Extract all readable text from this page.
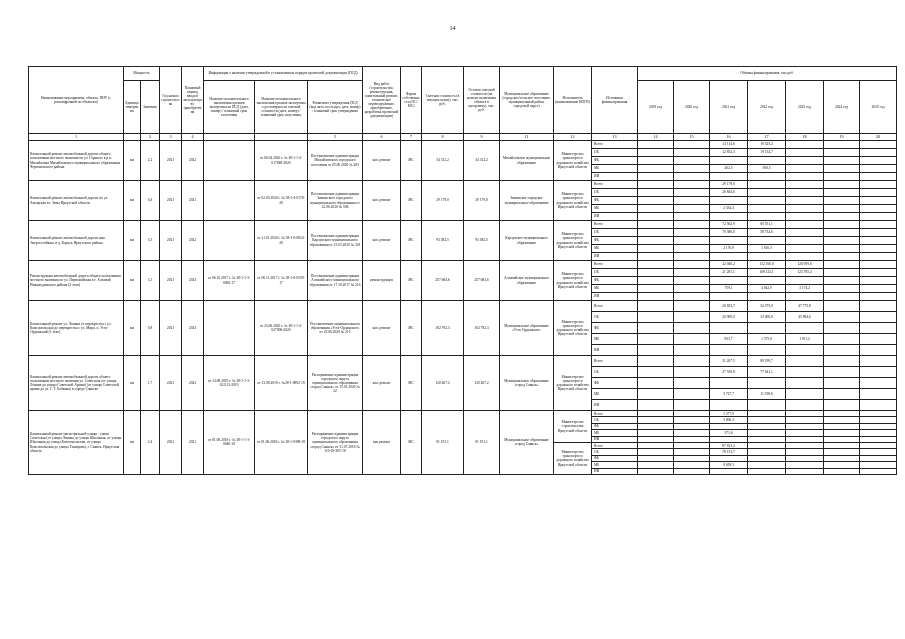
14
Наименование мероприятия, объекта, ПНУ (с расшифровкой по объектам)	Мощность		Год начала строительства	Плановый период ввода в эксплуатацию/приобретения	Информация о наличии утвержденной в установленном порядке проектной документации (ПСД)			Вид работ (строительство, реконструкция, капитальный ремонт, техническое перевооружение, приобретение, разработка проектной документации)	Форма собственности (ОС/МС)	Сметная стоимость (в текущих ценах), тыс. руб.	Остаток сметной стоимости (на момент включения объекта в программу), тыс. руб.	Муниципальное образование (городское/сельское поселение, муниципальный район, городской округ)	Исполнитель (наименование ИОГВ)	Источники финансирования	Объемы финансирования, тыс.руб.						
	Единица измерения	Значение			Наличие положительного заключения органов экспертизы на ПСД (дата, номер) / плановый срок получения	Наличие положительного заключения органов экспертизы о достоверности сметной стоимости (дата, номер) / плановый срок получения	Реквизиты утверждения ПСД (вид акта, кто издал, дата, номер) / плановый срок утверждения								2019 год	2020 год	2021 год	2022 год	2023 год	2024 год	2025 год

1		2	3	4			5	6	7	8	9	11	12	13	14	15	16	17	18	19	20
Капитальный ремонт автомобильной дороги общего пользования местного значения по ул. Горького в р.п. Михайловка Михайловского муниципального образования Черемховского района	км	2,2	2021	2022		от 06.04.2020 г. № 38-1-1-2-017048-2020	Постановление администрации Михайловского городского поселения от 05.06.2020 № 283	кап. ремонт	МС	34 312,2	34 312,2	Михайловское муниципальное образование	Министерство транспорта и дорожного хозяйства Иркутской области	Всего			13 114,6	19 525,2			
														ОБ			12 852,3	19 134,7			
														ФБ							
														МБ			262,3	390,5			
														ИИ							
Капитальный ремонт автомобильной дороги по ул. Ангарская в г. Зима Иркутской области	км	0,4	2021	2021		от 02.03.2020 г. № 38-1-4-0178-20	Постановление администрации Зиминского городского муниципального образования от 22.06.2020 № 506	кап. ремонт	МС	29 179,0	29 179,0	Зиминское городское муниципальное образование	Министерство транспорта и дорожного хозяйства Иркутской области	Всего			29 179,0				
														ОБ			26 844,6				
														ФБ							
														МБ			2 334,4				
														ИИ							
Капитальный ремонт автомобильной дороги ния Энергостойкая» в д. Карлук Иркутского района	км	3,3	2021	2022		от 21.01.2020 г. № 38-1-6-0024-20	Постановление администрации Карлукского муниципального образования от 15.03.2020 № 301	кап. ремонт	МС	93 382,5	93 382,5	Карлукское муниципальное образование	Министерство транспорта и дорожного хозяйства Иркутской области	Всего			72 562,9	60 551,1			
														ОБ			70 386,0	58 734,6			
														ФБ							
														МБ			2 176,9	1 816,5			
														ИИ							
Реконструкция автомобильной дороги общего пользования местного значения по ул. Первомайская в г. Алзамай Нижнеудинского района (2 этап)	км	3,1	2021	2023	от 06.10.2017 г. № 38-1-1-3-0082-17	от 06.11.2017 г. № 38-1-6-0359-17	Постановление администрации Алзамайского муниципального образования от 17.10.2017 № 216	реконструкция	МС	257 684,6	257 684,6	Алзамайское муниципальное образование	Министерство транспорта и дорожного хозяйства Иркутской области	Всего			22 040,2	112 160,0	126 959,6		
														ОБ			21 281,1	108 123,1	123 785,4		
														ФБ							
														МБ			759,1	4 042,9	3 174,2		
														ИИ							
Капитальный ремонт ул. Ленина от перекрестка с ул. Комсомольская до перекрестка с ул. Мира, п. Усть-Ордынский (1 этап)	км	0,8	2021	2023		от 23.06.2020 г. № 38-1-1-2-027006-2020	Постановление муниципального образования «Усть-Ордынское» от 23.06.2020 № 215	кап. ремонт	МС	102 792,3	102 792,3	Муниципальное образование «Усть-Ордынское»	Министерство транспорта и дорожного хозяйства Иркутской области	Всего			20 833,7	34 375,0	47 775,8		
														ОБ			20 000,0	33 000,0	45 864,6		
														ФБ							
														МБ			833,7	1 375,0	1 911,2		
														ИИ							
Капитальный ремонт автомобильной дороги общего пользования местного значения ул. Советская (от улицы Ленина до улицы Советской Армии) (от улицы Советской армии до ул. Г. Т. Бабкина) в городе Саянске	км	1,7	2021	2022	от 14.08.2019 г. № 38-1-1-3-021112-2019	от 13.08.2019 г. №38-1-0892-19	Распоряжение администрации городского округа муниципального образования «город Саянск» от 15.01.2020 № 22	кап. ремонт	МС	120 467,2	120 467,2	Муниципальное образование «город Саянск»	Министерство транспорта и дорожного хозяйства Иркутской области	Всего			31 267,5	89 199,7			
														ОБ			27 539,8	77 641,1			
														ФБ							
														МБ			3 727,7	11 558,6			
														ИИ							
Капитальный ремонт магистральной улицы - улица Советская (от улицы Ленина до улицы Школьная, от улицы Школьная до улицы Комсомольская, от улицы Комсомольская до улицы Тимирова), г. Саянск, Иркутская область	км	2,4	2021	2021	от 01.06.2018 г. № 38-1-1-3-0046-18	от 01.06.2018 г. № 38-1-0398-18	Распоряжение администрации городского округа муниципального образования «город Саянск» от 31.07.2018 № 110-29-305-18	кап.ремонт	МС	91 191,1	91 191,1	Муниципальное образование «город Саянск»	Министерство строительства Иркутской области	Всего			3 377,9				
														ОБ			3 006,3				
														ФБ							
														МБ			371,6				
														ИИ							
													Министерство транспорта и дорожного хозяйства Иркутской области	Всего			87 813,2				
														ОБ			78 153,7				
														ФБ							
														МБ			9 659,5				
														ИИ							
